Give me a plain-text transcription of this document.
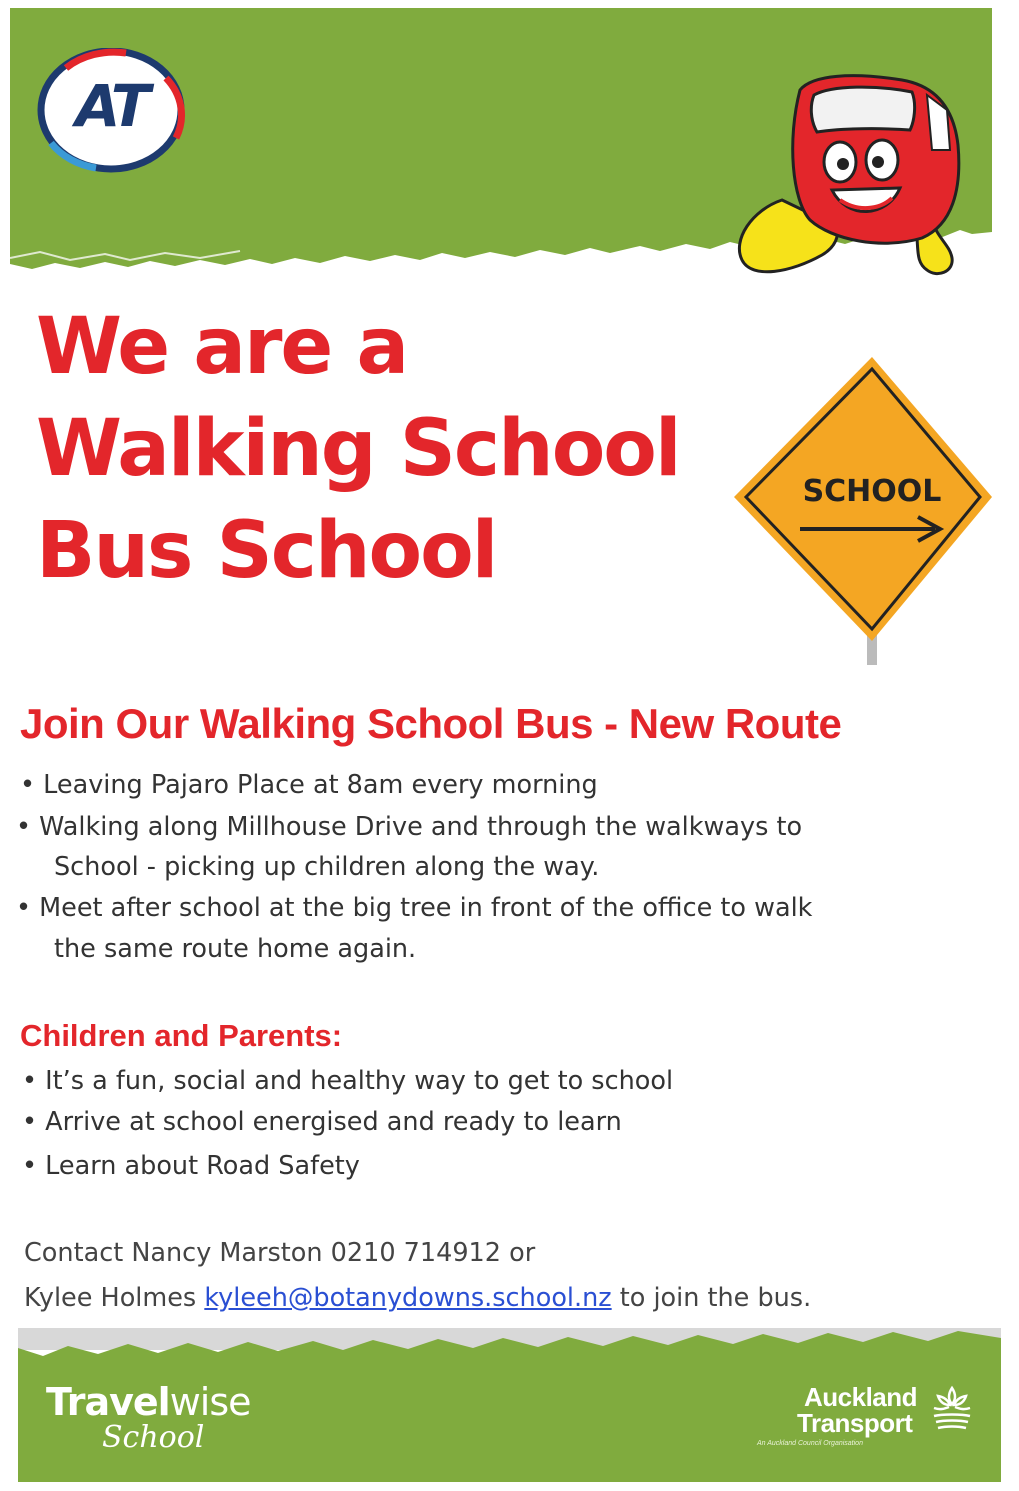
AT
We are a
Walking School
Bus School
SCHOOL
Join Our Walking School Bus - New Route

• Leaving Pajaro Place at 8am every morning

• Walking along Millhouse Drive and through the walkways to

School - picking up children along the way.

• Meet after school at the big tree in front of the office to walk

the same route home again.

Children and Parents:

• It’s a fun, social and healthy way to get to school

• Arrive at school energised and ready to learn

• Learn about Road Safety

Contact Nancy Marston 0210 714912 or

Kylee Holmes kyleeh@botanydowns.school.nz to join the bus.

Travelwise
School
Auckland
Transport
An Auckland Council Organisation
